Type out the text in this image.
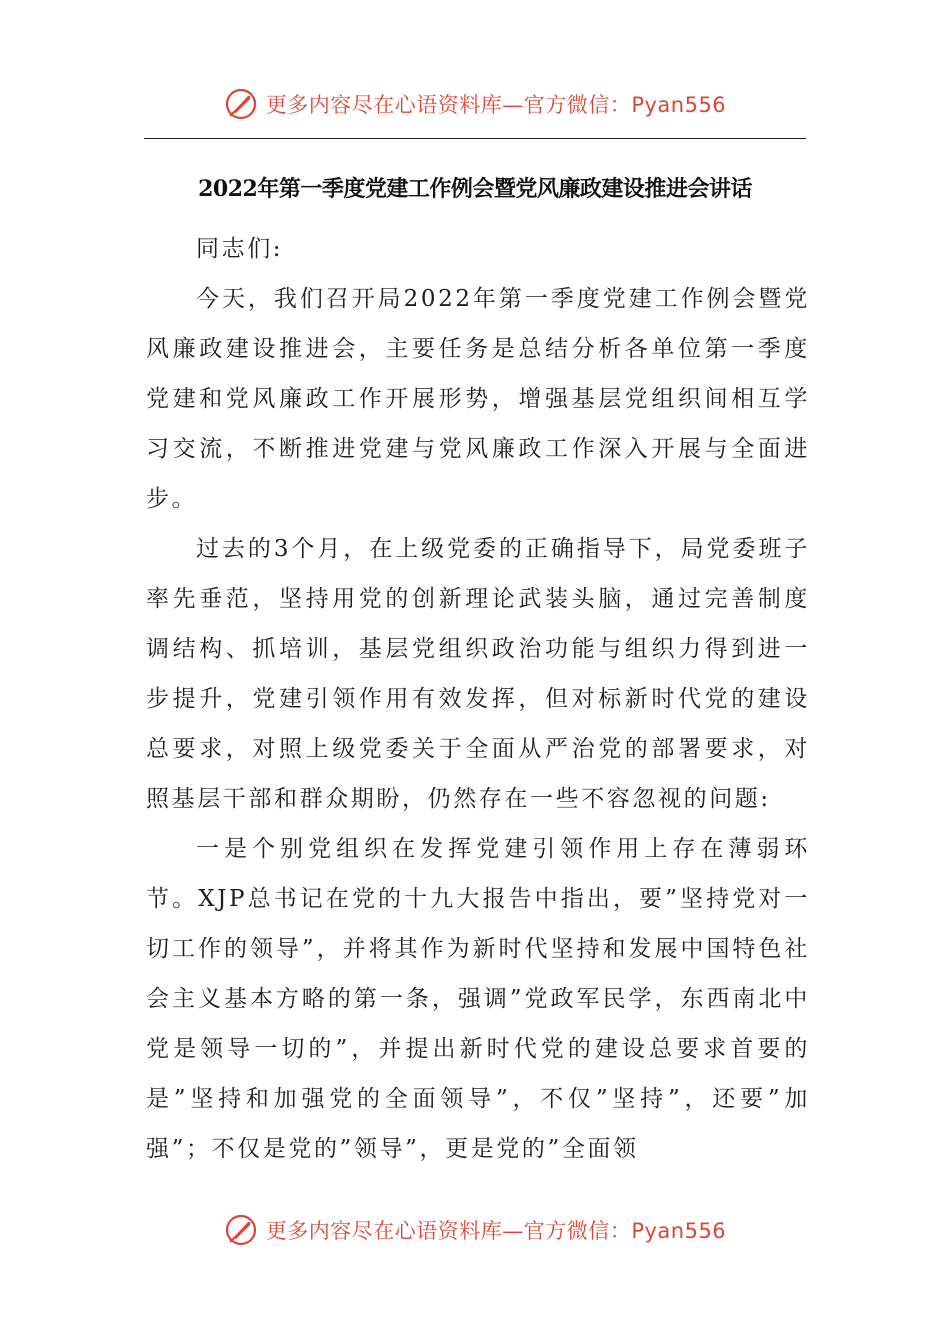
更多内容尽在心语资料库—官方微信：Pyan556
2022年第一季度党建工作例会暨党风廉政建设推进会讲话

同志们:

今天，我们召开局2022年第一季度党建工作例会暨党风廉政建设推进会，主要任务是总结分析各单位第一季度党建和党风廉政工作开展形势，增强基层党组织间相互学习交流，不断推进党建与党风廉政工作深入开展与全面进步。

过去的3个月，在上级党委的正确指导下，局党委班子率先垂范，坚持用党的创新理论武装头脑，通过完善制度调结构、抓培训，基层党组织政治功能与组织力得到进一步提升，党建引领作用有效发挥，但对标新时代党的建设总要求，对照上级党委关于全面从严治党的部署要求，对照基层干部和群众期盼，仍然存在一些不容忽视的问题:

一是个别党组织在发挥党建引领作用上存在薄弱环节。XJP总书记在党的十九大报告中指出，要”坚持党对一切工作的领导”，并将其作为新时代坚持和发展中国特色社会主义基本方略的第一条，强调”党政军民学，东西南北中党是领导一切的”，并提出新时代党的建设总要求首要的是”坚持和加强党的全面领导”，不仅”坚持”，还要”加强”；不仅是党的”领导”，更是党的”全面领

更多内容尽在心语资料库—官方微信：Pyan556
